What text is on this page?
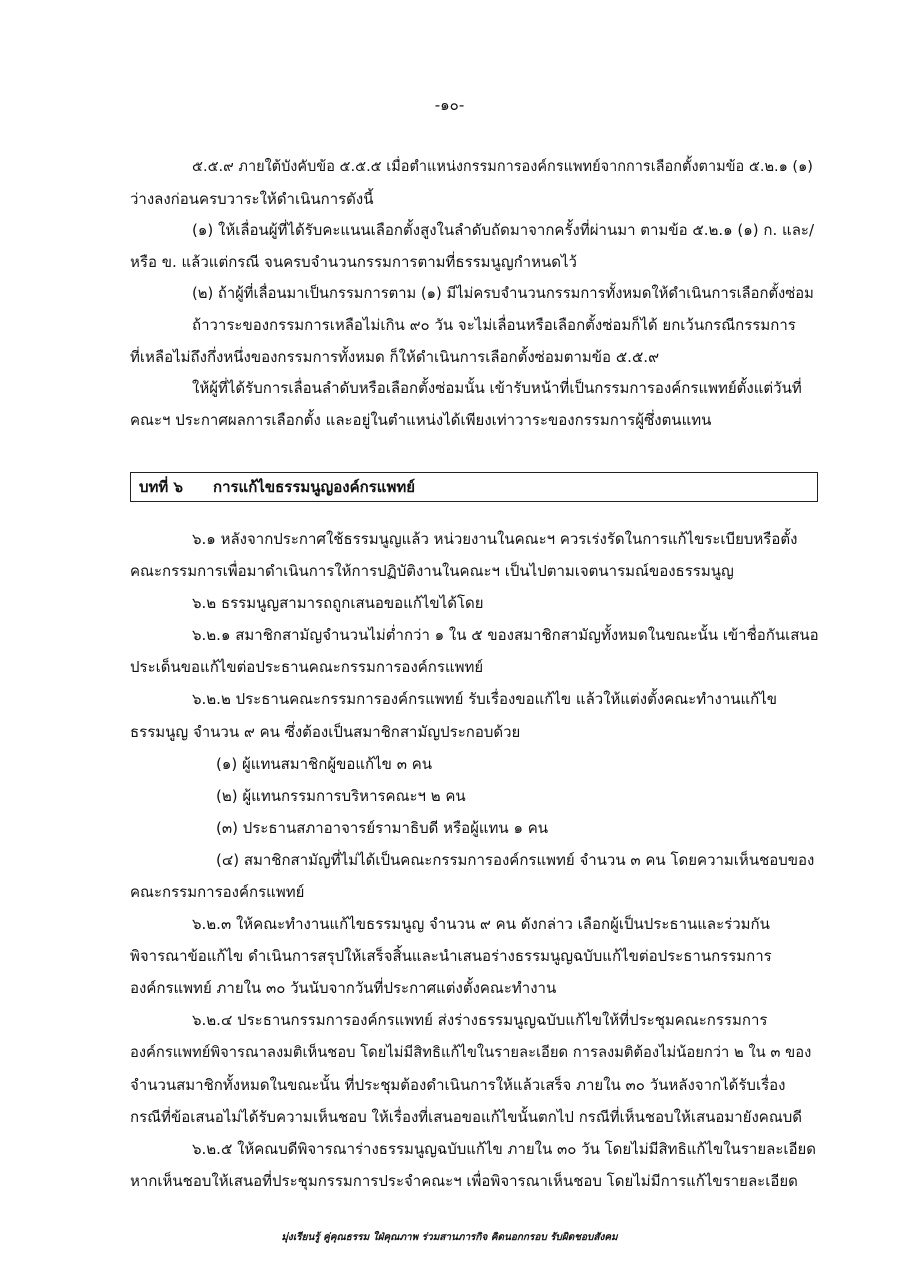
-๑๐-

๕.๕.๙ ภายใต้บังคับข้อ ๕.๕.๕ เมื่อตำแหน่งกรรมการองค์กรแพทย์จากการเลือกตั้งตามข้อ ๕.๒.๑ (๑)

ว่างลงก่อนครบวาระให้ดำเนินการดังนี้

(๑) ให้เลื่อนผู้ที่ได้รับคะแนนเลือกตั้งสูงในลำดับถัดมาจากครั้งที่ผ่านมา ตามข้อ ๕.๒.๑ (๑) ก. และ/

หรือ ข. แล้วแต่กรณี จนครบจำนวนกรรมการตามที่ธรรมนูญกำหนดไว้

(๒) ถ้าผู้ที่เลื่อนมาเป็นกรรมการตาม (๑) มีไม่ครบจำนวนกรรมการทั้งหมดให้ดำเนินการเลือกตั้งซ่อม

ถ้าวาระของกรรมการเหลือไม่เกิน ๙๐ วัน จะไม่เลื่อนหรือเลือกตั้งซ่อมก็ได้ ยกเว้นกรณีกรรมการ

ที่เหลือไม่ถึงกึ่งหนึ่งของกรรมการทั้งหมด ก็ให้ดำเนินการเลือกตั้งซ่อมตามข้อ ๕.๕.๙

ให้ผู้ที่ได้รับการเลื่อนลำดับหรือเลือกตั้งซ่อมนั้น เข้ารับหน้าที่เป็นกรรมการองค์กรแพทย์ตั้งแต่วันที่

คณะฯ ประกาศผลการเลือกตั้ง และอยู่ในตำแหน่งได้เพียงเท่าวาระของกรรมการผู้ซึ่งตนแทน

บทที่ ๖ การแก้ไขธรรมนูญองค์กรแพทย์

๖.๑ หลังจากประกาศใช้ธรรมนูญแล้ว หน่วยงานในคณะฯ ควรเร่งรัดในการแก้ไขระเบียบหรือตั้ง

คณะกรรมการเพื่อมาดำเนินการให้การปฏิบัติงานในคณะฯ เป็นไปตามเจตนารมณ์ของธรรมนูญ

๖.๒ ธรรมนูญสามารถถูกเสนอขอแก้ไขได้โดย

๖.๒.๑ สมาชิกสามัญจำนวนไม่ต่ำกว่า ๑ ใน ๕ ของสมาชิกสามัญทั้งหมดในขณะนั้น เข้าชื่อกันเสนอ

ประเด็นขอแก้ไขต่อประธานคณะกรรมการองค์กรแพทย์

๖.๒.๒ ประธานคณะกรรมการองค์กรแพทย์ รับเรื่องขอแก้ไข แล้วให้แต่งตั้งคณะทำงานแก้ไข

ธรรมนูญ จำนวน ๙ คน ซึ่งต้องเป็นสมาชิกสามัญประกอบด้วย

(๑) ผู้แทนสมาชิกผู้ขอแก้ไข ๓ คน

(๒) ผู้แทนกรรมการบริหารคณะฯ ๒ คน

(๓) ประธานสภาอาจารย์รามาธิบดี หรือผู้แทน ๑ คน

(๔) สมาชิกสามัญที่ไม่ได้เป็นคณะกรรมการองค์กรแพทย์ จำนวน ๓ คน โดยความเห็นชอบของ

คณะกรรมการองค์กรแพทย์

๖.๒.๓ ให้คณะทำงานแก้ไขธรรมนูญ จำนวน ๙ คน ดังกล่าว เลือกผู้เป็นประธานและร่วมกัน

พิจารณาข้อแก้ไข ดำเนินการสรุปให้เสร็จสิ้นและนำเสนอร่างธรรมนูญฉบับแก้ไขต่อประธานกรรมการ

องค์กรแพทย์ ภายใน ๓๐ วันนับจากวันที่ประกาศแต่งตั้งคณะทำงาน

๖.๒.๔ ประธานกรรมการองค์กรแพทย์ ส่งร่างธรรมนูญฉบับแก้ไขให้ที่ประชุมคณะกรรมการ

องค์กรแพทย์พิจารณาลงมติเห็นชอบ โดยไม่มีสิทธิแก้ไขในรายละเอียด การลงมติต้องไม่น้อยกว่า ๒ ใน ๓ ของ

จำนวนสมาชิกทั้งหมดในขณะนั้น ที่ประชุมต้องดำเนินการให้แล้วเสร็จ ภายใน ๓๐ วันหลังจากได้รับเรื่อง

กรณีที่ข้อเสนอไม่ได้รับความเห็นชอบ ให้เรื่องที่เสนอขอแก้ไขนั้นตกไป กรณีที่เห็นชอบให้เสนอมายังคณบดี

๖.๒.๕ ให้คณบดีพิจารณาร่างธรรมนูญฉบับแก้ไข ภายใน ๓๐ วัน โดยไม่มีสิทธิแก้ไขในรายละเอียด

หากเห็นชอบให้เสนอที่ประชุมกรรมการประจำคณะฯ เพื่อพิจารณาเห็นชอบ โดยไม่มีการแก้ไขรายละเอียด

มุ่งเรียนรู้ คู่คุณธรรม ใฝ่คุณภาพ ร่วมสานภารกิจ คิดนอกกรอบ รับผิดชอบสังคม
